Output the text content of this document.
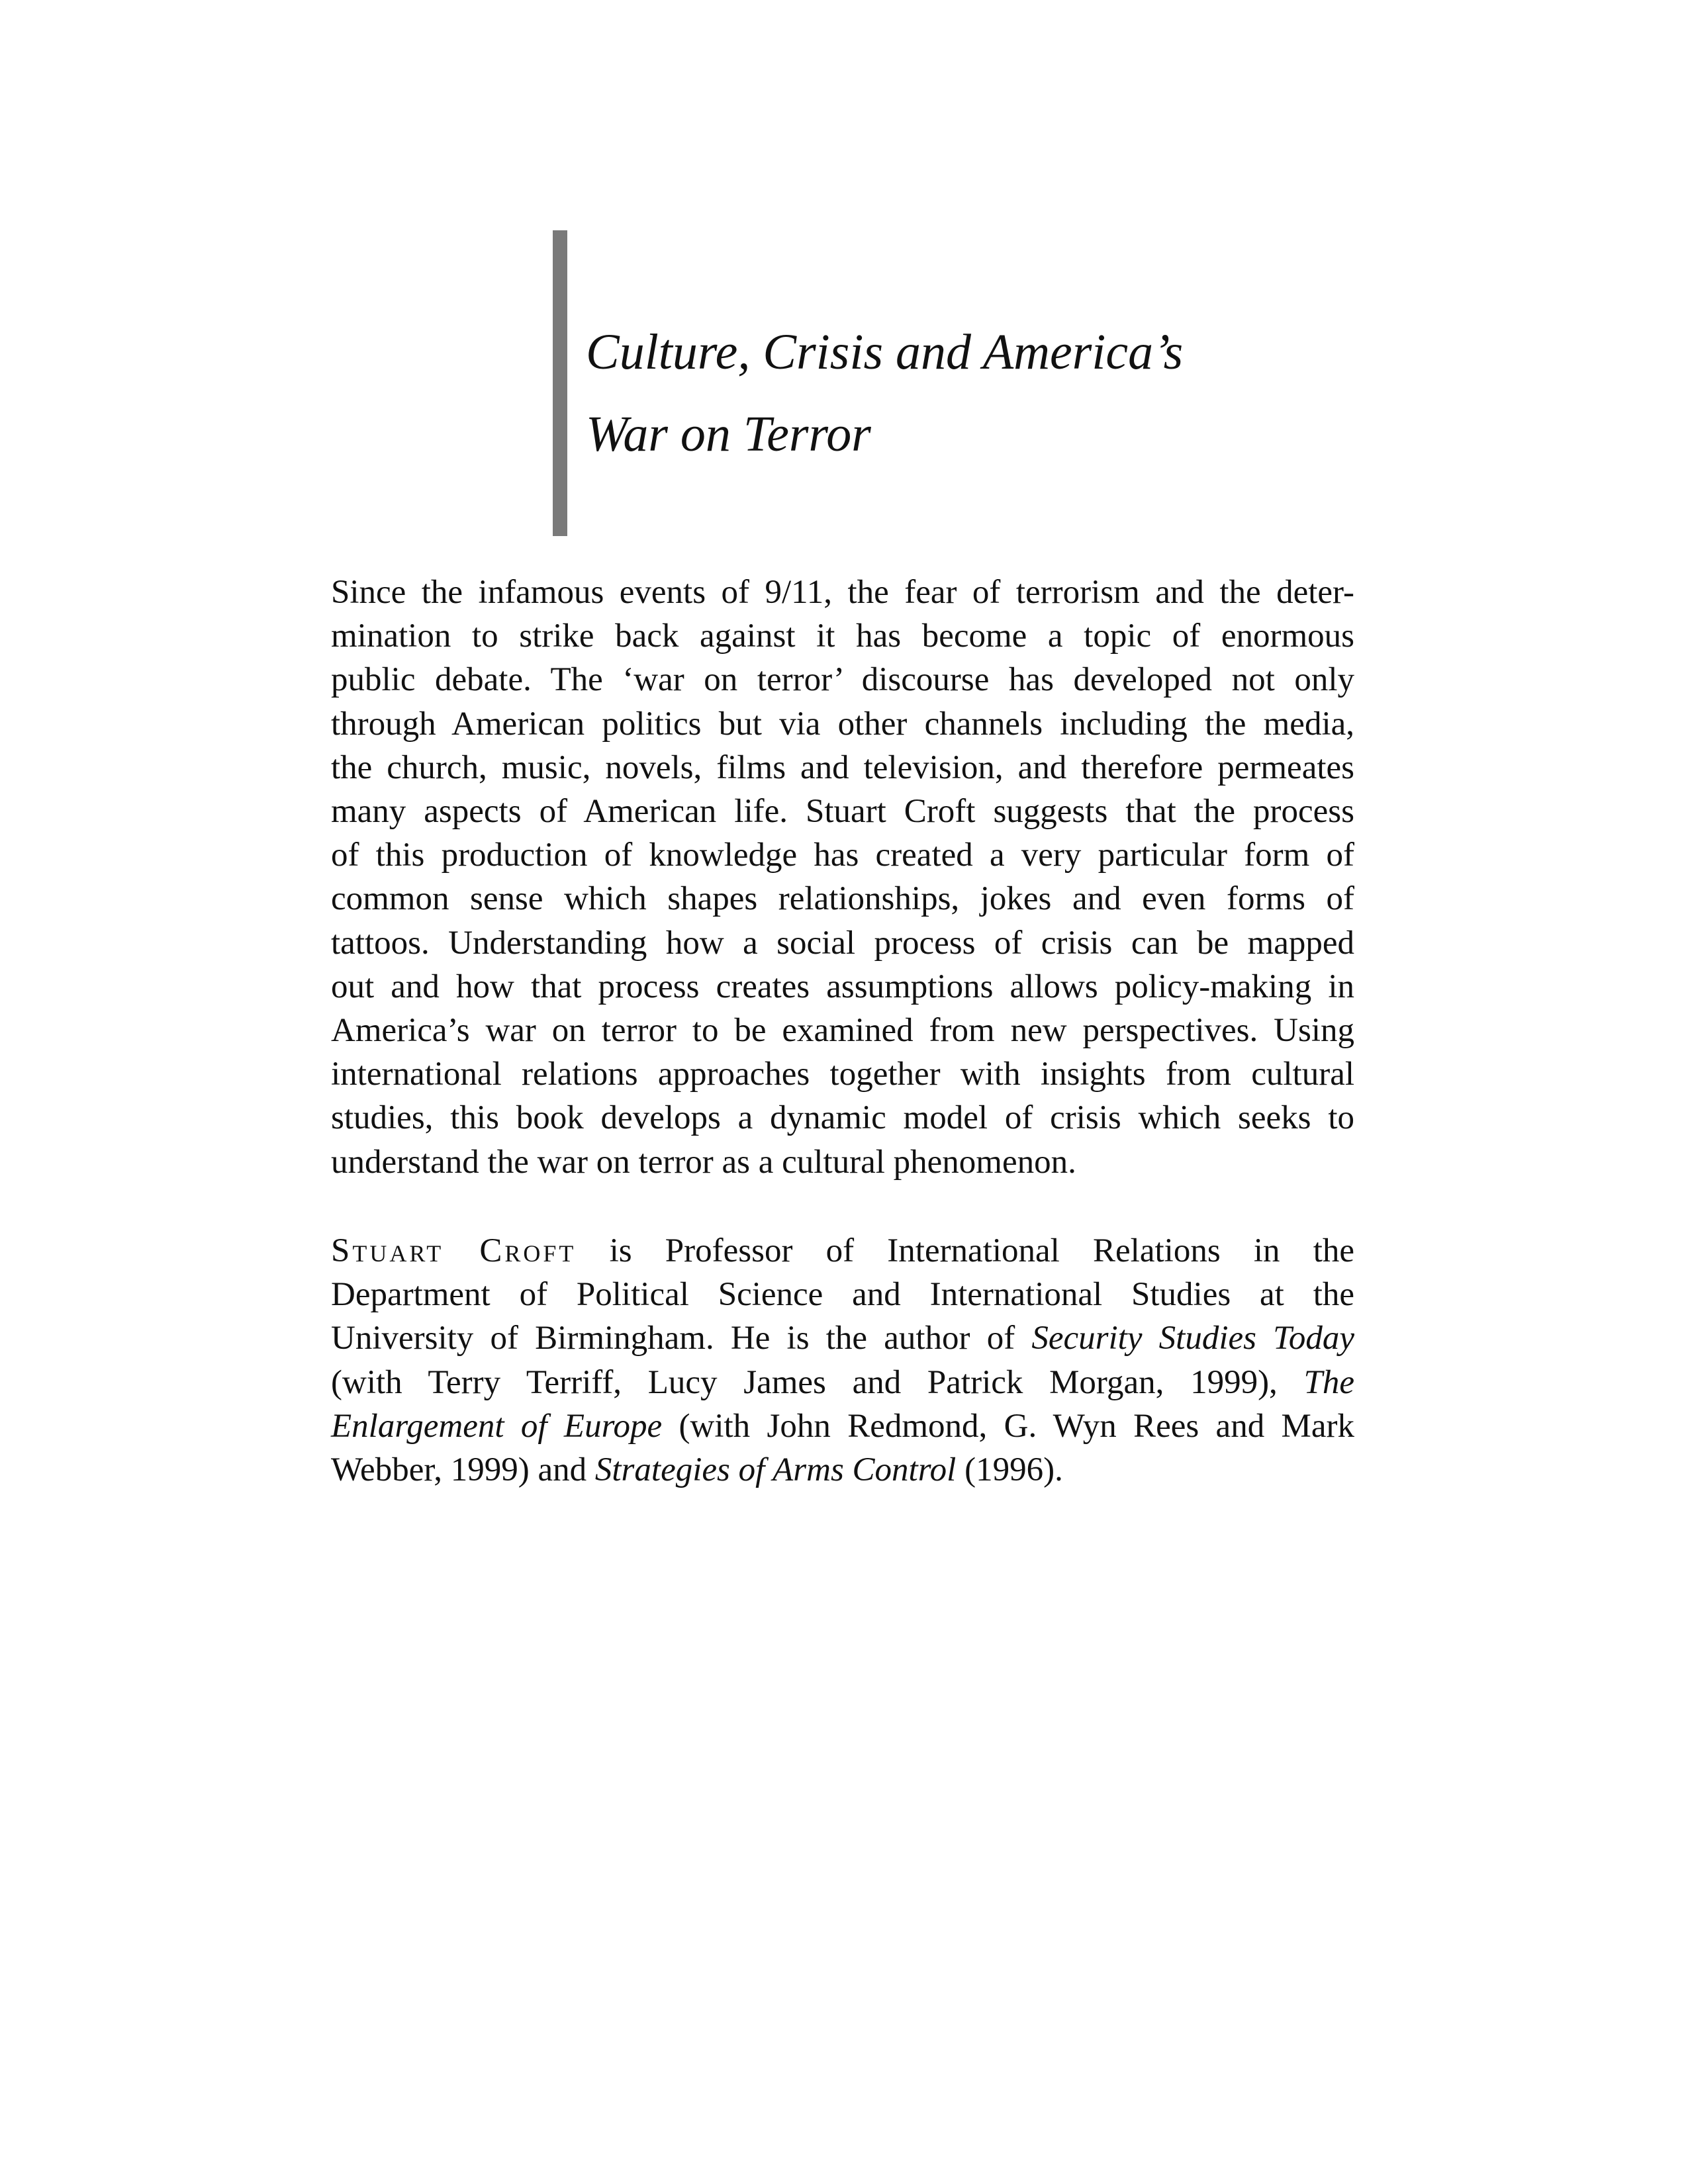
Culture, Crisis and America’s
War on Terror
Since the infamous events of 9/11, the fear of terrorism and the deter-
mination to strike back against it has become a topic of enormous
public debate. The ‘war on terror’ discourse has developed not only
through American politics but via other channels including the media,
the church, music, novels, films and television, and therefore permeates
many aspects of American life. Stuart Croft suggests that the process
of this production of knowledge has created a very particular form of
common sense which shapes relationships, jokes and even forms of
tattoos. Understanding how a social process of crisis can be mapped
out and how that process creates assumptions allows policy-making in
America’s war on terror to be examined from new perspectives. Using
international relations approaches together with insights from cultural
studies, this book develops a dynamic model of crisis which seeks to
understand the war on terror as a cultural phenomenon.
Stuart Croft is Professor of International Relations in the
Department of Political Science and International Studies at the
University of Birmingham. He is the author of Security Studies Today
(with Terry Terriff, Lucy James and Patrick Morgan, 1999), The
Enlargement of Europe (with John Redmond, G. Wyn Rees and Mark
Webber, 1999) and Strategies of Arms Control (1996).
